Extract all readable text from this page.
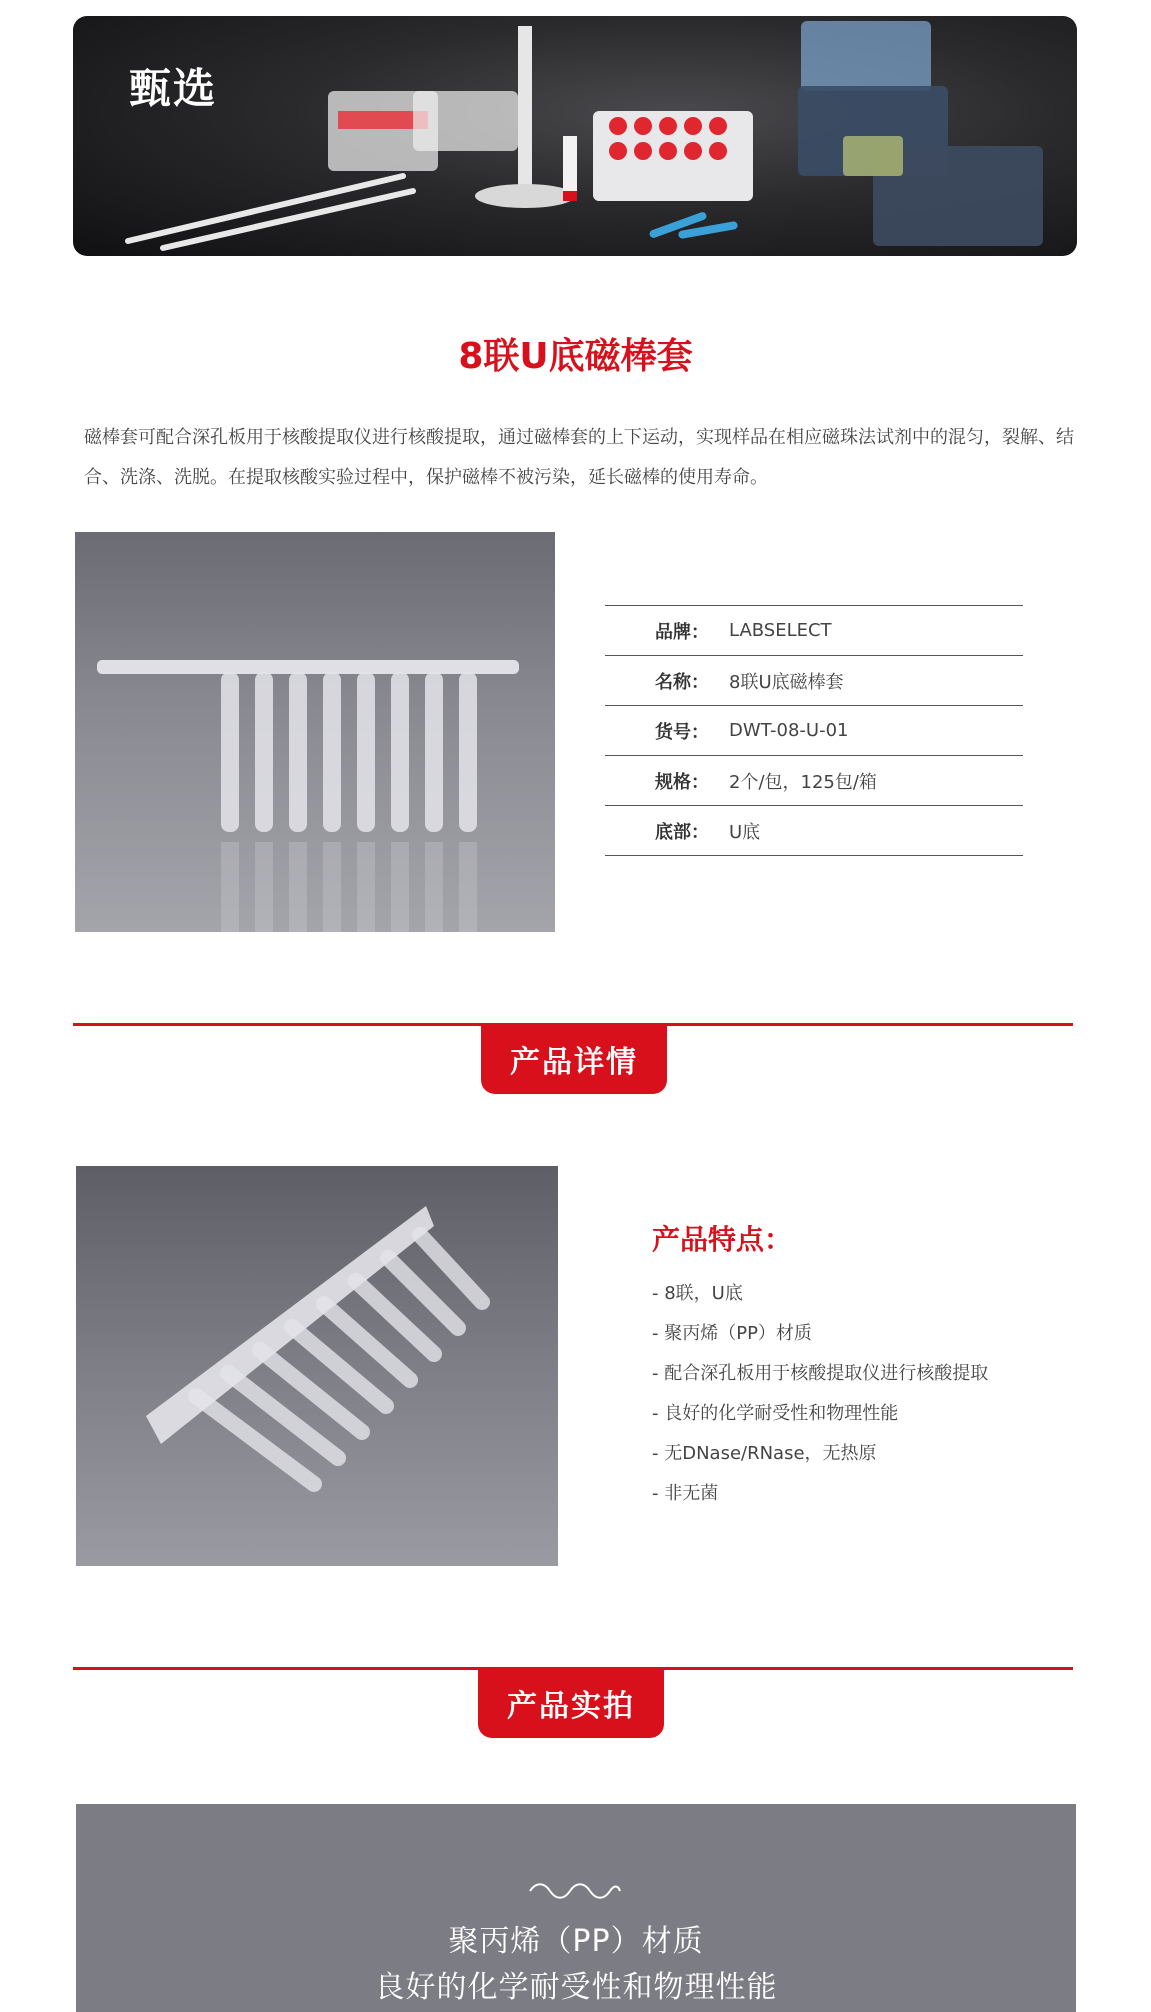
甄选
8联U底磁棒套
磁棒套可配合深孔板用于核酸提取仪进行核酸提取，通过磁棒套的上下运动，实现样品在相应磁珠法试剂中的混匀，裂解、结合、洗涤、洗脱。在提取核酸实验过程中，保护磁棒不被污染，延长磁棒的使用寿命。
品牌：	LABSELECT
名称：	8联U底磁棒套
货号：	DWT-08-U-01
规格：	2个/包，125包/箱
底部：	U底
产品详情
产品特点：
- 8联，U底
- 聚丙烯（PP）材质
- 配合深孔板用于核酸提取仪进行核酸提取
- 良好的化学耐受性和物理性能
- 无DNase/RNase，无热原
- 非无菌
产品实拍
聚丙烯（PP）材质
良好的化学耐受性和物理性能
